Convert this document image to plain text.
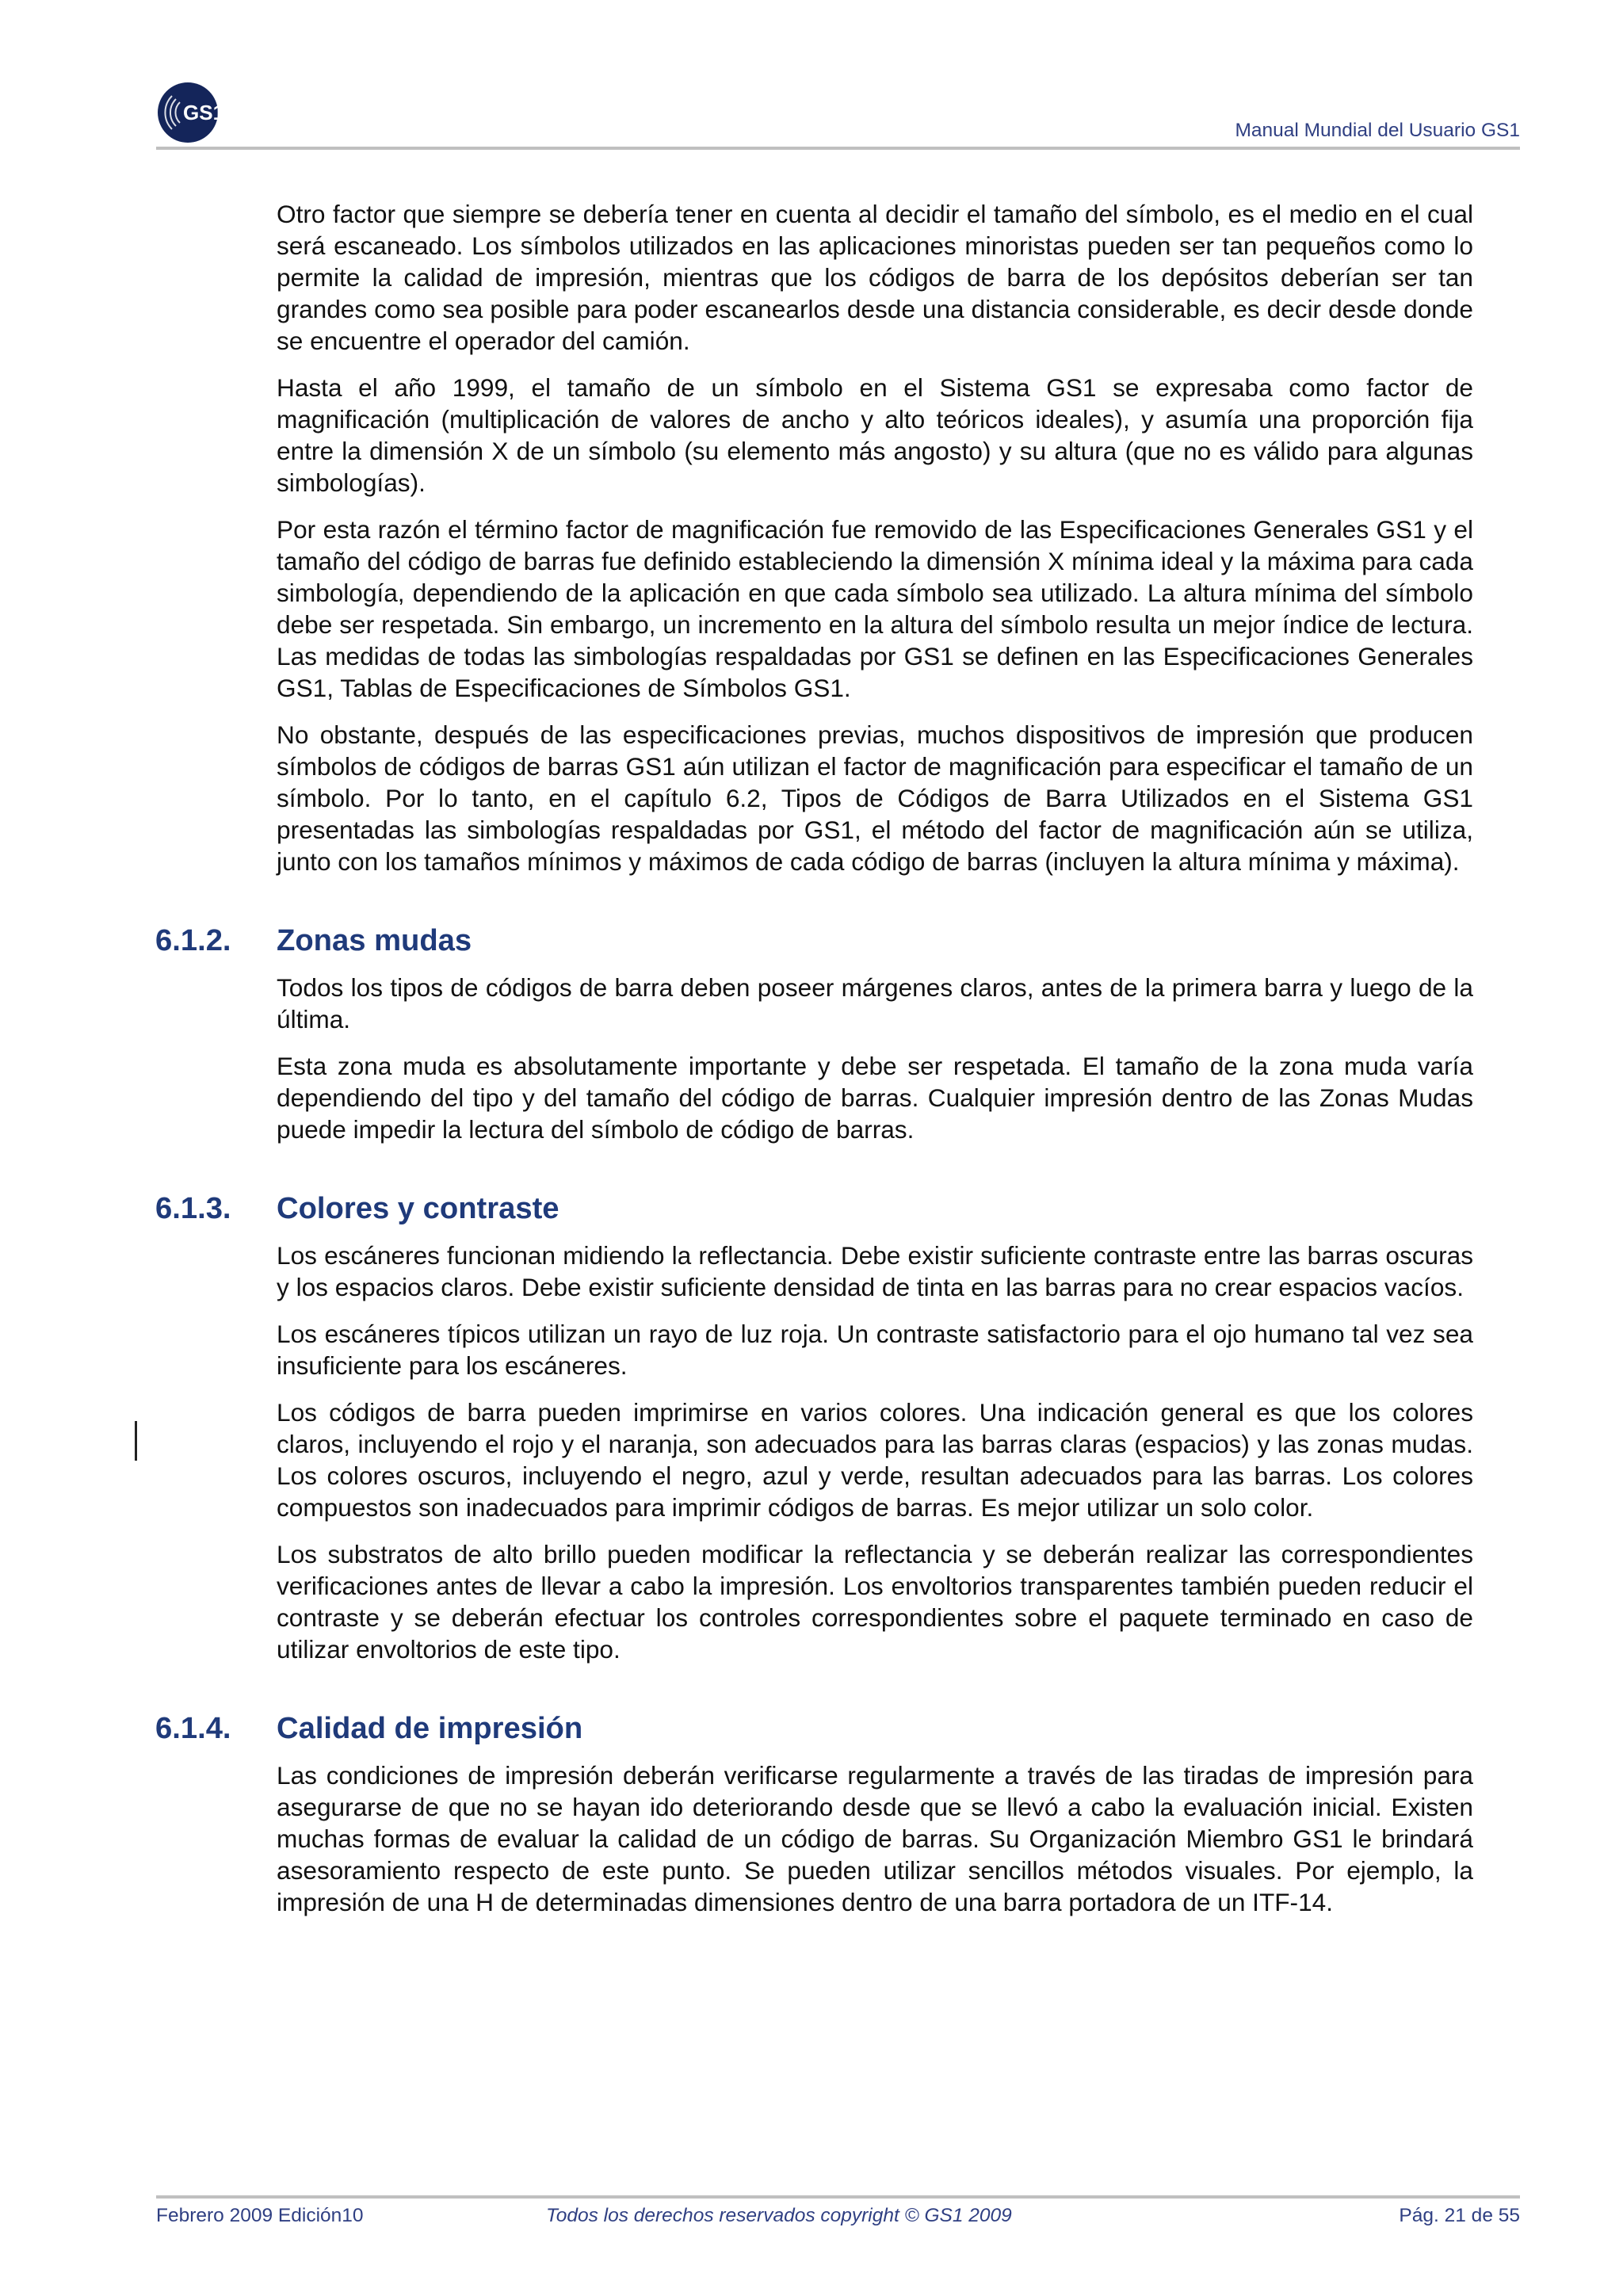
GS1
Manual Mundial del Usuario GS1

Otro factor que siempre se debería tener en cuenta al decidir el tamaño del símbolo, es el medio en el cual será escaneado. Los símbolos utilizados en las aplicaciones minoristas pueden ser tan pequeños como lo permite la calidad de impresión, mientras que los códigos de barra de los depósitos deberían ser tan grandes como sea posible para poder escanearlos desde una distancia considerable, es decir desde donde se encuentre el operador del camión.

Hasta el año 1999, el tamaño de un símbolo en el Sistema GS1 se expresaba como factor de magnificación (multiplicación de valores de ancho y alto teóricos ideales), y asumía una proporción fija entre la dimensión X de un símbolo (su elemento más angosto) y su altura (que no es válido para algunas simbologías).

Por esta razón el término factor de magnificación fue removido de las Especificaciones Generales GS1 y el tamaño del código de barras fue definido estableciendo la dimensión X mínima ideal y la máxima para cada simbología, dependiendo de la aplicación en que cada símbolo sea utilizado. La altura mínima del símbolo debe ser respetada. Sin embargo, un incremento en la altura del símbolo resulta un mejor índice de lectura. Las medidas de todas las simbologías respaldadas por GS1 se definen en las Especificaciones Generales GS1, Tablas de Especificaciones de Símbolos GS1.

No obstante, después de las especificaciones previas, muchos dispositivos de impresión que producen símbolos de códigos de barras GS1 aún utilizan el factor de magnificación para especificar el tamaño de un símbolo. Por lo tanto, en el capítulo 6.2, Tipos de Códigos de Barra Utilizados en el Sistema GS1 presentadas las simbologías respaldadas por GS1, el método del factor de magnificación aún se utiliza, junto con los tamaños mínimos y máximos de cada código de barras (incluyen la altura mínima y máxima).

6.1.2. Zonas mudas

Todos los tipos de códigos de barra deben poseer márgenes claros, antes de la primera barra y luego de la última.

Esta zona muda es absolutamente importante y debe ser respetada. El tamaño de la zona muda varía dependiendo del tipo y del tamaño del código de barras. Cualquier impresión dentro de las Zonas Mudas puede impedir la lectura del símbolo de código de barras.

6.1.3. Colores y contraste

Los escáneres funcionan midiendo la reflectancia. Debe existir suficiente contraste entre las barras oscuras y los espacios claros. Debe existir suficiente densidad de tinta en las barras para no crear espacios vacíos.

Los escáneres típicos utilizan un rayo de luz roja. Un contraste satisfactorio para el ojo humano tal vez sea insuficiente para los escáneres.

Los códigos de barra pueden imprimirse en varios colores. Una indicación general es que los colores claros, incluyendo el rojo y el naranja, son adecuados para las barras claras (espacios) y las zonas mudas. Los colores oscuros, incluyendo el negro, azul y verde, resultan adecuados para las barras. Los colores compuestos son inadecuados para imprimir códigos de barras. Es mejor utilizar un solo color.

Los substratos de alto brillo pueden modificar la reflectancia y se deberán realizar las correspondientes verificaciones antes de llevar a cabo la impresión. Los envoltorios transparentes también pueden reducir el contraste y se deberán efectuar los controles correspondientes sobre el paquete terminado en caso de utilizar envoltorios de este tipo.

6.1.4. Calidad de impresión

Las condiciones de impresión deberán verificarse regularmente a través de las tiradas de impresión para asegurarse de que no se hayan ido deteriorando desde que se llevó a cabo la evaluación inicial. Existen muchas formas de evaluar la calidad de un código de barras. Su Organización Miembro GS1 le brindará asesoramiento respecto de este punto. Se pueden utilizar sencillos métodos visuales. Por ejemplo, la impresión de una H de determinadas dimensiones dentro de una barra portadora de un ITF-14.

Febrero 2009 Edición10	Todos los derechos reservados copyright © GS1 2009	Pág. 21 de 55
